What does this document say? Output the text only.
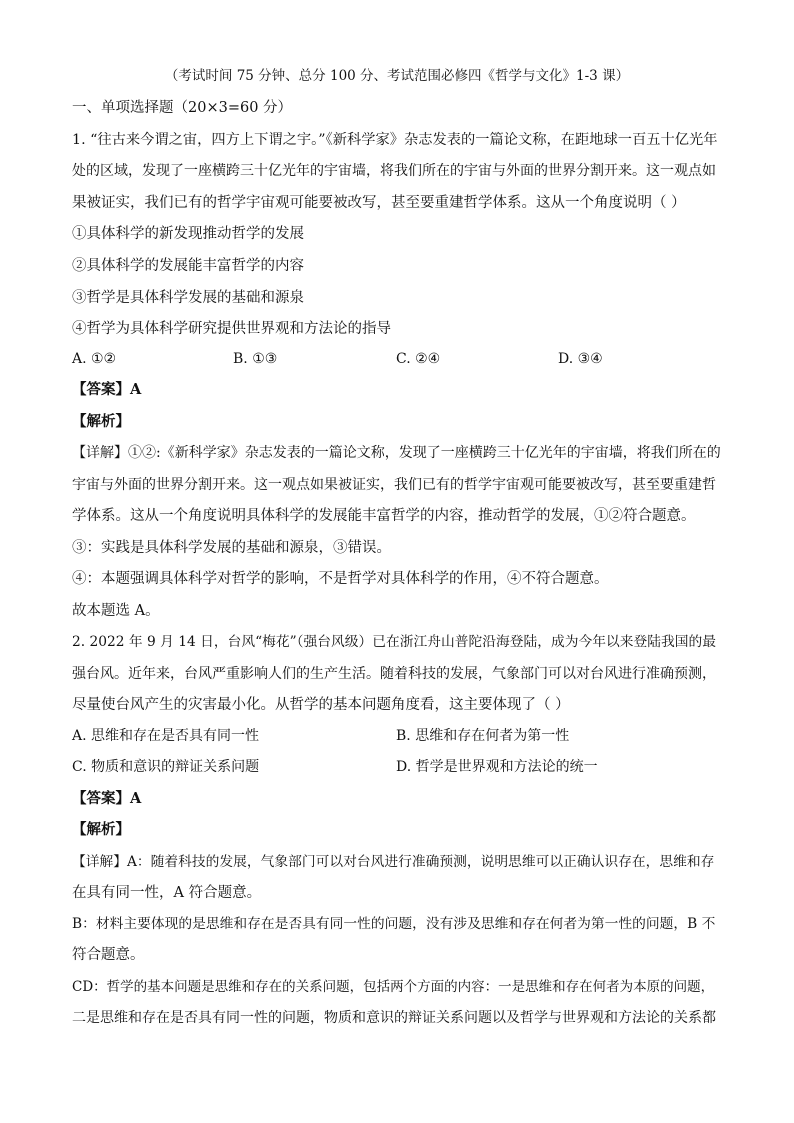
（考试时间 75 分钟、总分 100 分、考试范围必修四《哲学与文化》1-3 课）
一、单项选择题（20×3=60 分）
1. “往古来今谓之宙，四方上下谓之宇。”《新科学家》杂志发表的一篇论文称，在距地球一百五十亿光年
处的区域，发现了一座横跨三十亿光年的宇宙墙，将我们所在的宇宙与外面的世界分割开来。这一观点如
果被证实，我们已有的哲学宇宙观可能要被改写，甚至要重建哲学体系。这从一个角度说明（ ）
①具体科学的新发现推动哲学的发展
②具体科学的发展能丰富哲学的内容
③哲学是具体科学发展的基础和源泉
④哲学为具体科学研究提供世界观和方法论的指导
A. ①②	B. ①③	C. ②④	D. ③④
【答案】A
【解析】
【详解】①②:《新科学家》杂志发表的一篇论文称，发现了一座横跨三十亿光年的宇宙墙，将我们所在的
宇宙与外面的世界分割开来。这一观点如果被证实，我们已有的哲学宇宙观可能要被改写，甚至要重建哲
学体系。这从一个角度说明具体科学的发展能丰富哲学的内容，推动哲学的发展，①②符合题意。
③：实践是具体科学发展的基础和源泉，③错误。
④：本题强调具体科学对哲学的影响，不是哲学对具体科学的作用，④不符合题意。
故本题选 A。
2. 2022 年 9 月 14 日，台风“梅花”（强台风级）已在浙江舟山普陀沿海登陆，成为今年以来登陆我国的最
强台风。近年来，台风严重影响人们的生产生活。随着科技的发展，气象部门可以对台风进行准确预测，
尽量使台风产生的灾害最小化。从哲学的基本问题角度看，这主要体现了（ ）
A. 思维和存在是否具有同一性	B. 思维和存在何者为第一性
C. 物质和意识的辩证关系问题	D. 哲学是世界观和方法论的统一
【答案】A
【解析】
【详解】A：随着科技的发展，气象部门可以对台风进行准确预测，说明思维可以正确认识存在，思维和存
在具有同一性，A 符合题意。
B：材料主要体现的是思维和存在是否具有同一性的问题，没有涉及思维和存在何者为第一性的问题，B 不
符合题意。
CD：哲学的基本问题是思维和存在的关系问题，包括两个方面的内容：一是思维和存在何者为本原的问题，
二是思维和存在是否具有同一性的问题，物质和意识的辩证关系问题以及哲学与世界观和方法论的关系都
